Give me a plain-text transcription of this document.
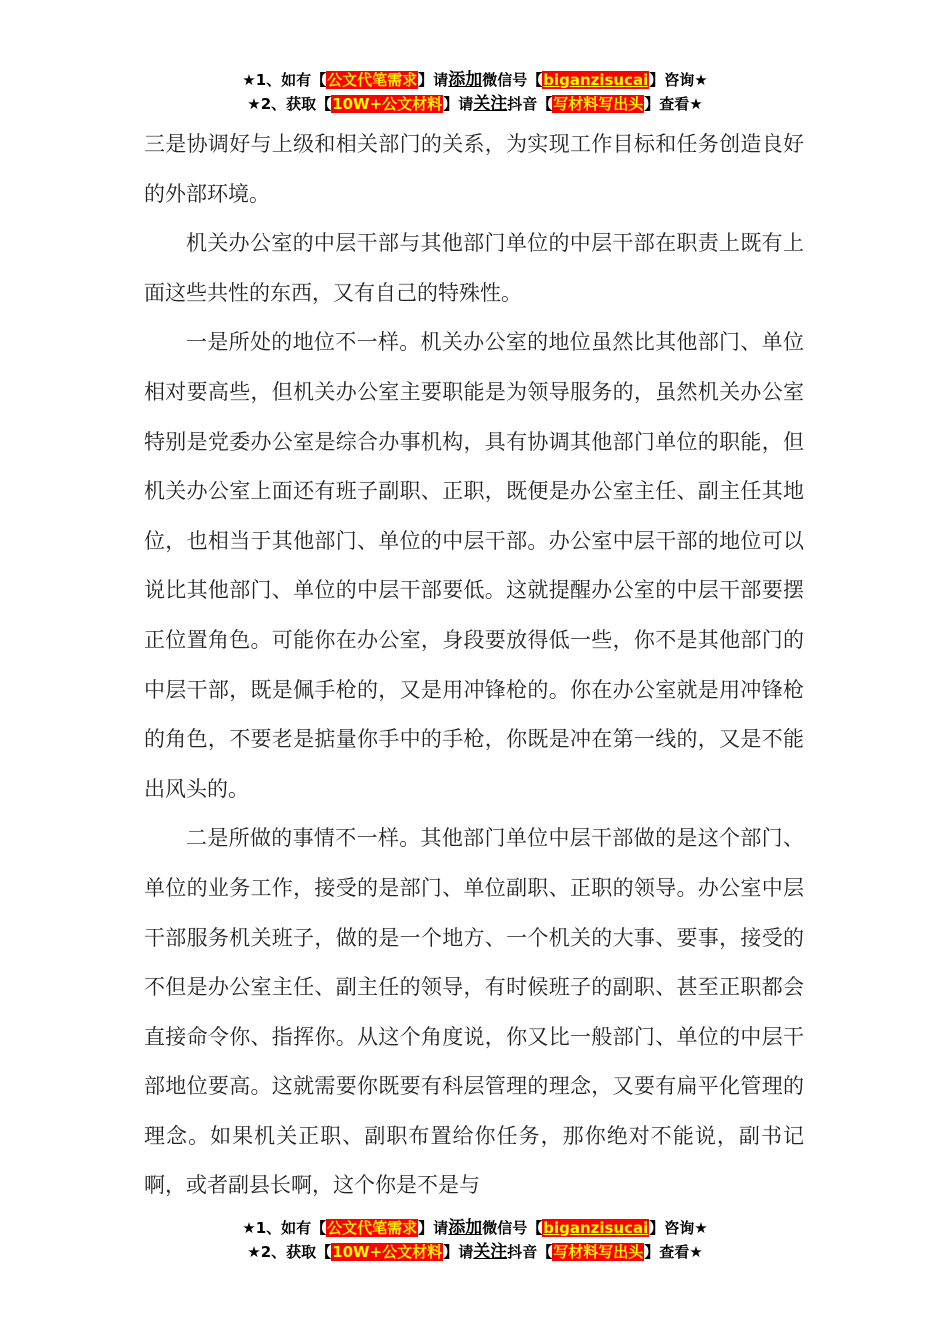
★1、如有【公文代笔需求】请添加微信号【biganzisucai】咨询★
★2、获取【10W+公文材料】请关注抖音【写材料写出头】查看★

三是协调好与上级和相关部门的关系，为实现工作目标和任务创造良好的外部环境。

机关办公室的中层干部与其他部门单位的中层干部在职责上既有上面这些共性的东西，又有自己的特殊性。

一是所处的地位不一样。机关办公室的地位虽然比其他部门、单位相对要高些，但机关办公室主要职能是为领导服务的，虽然机关办公室特别是党委办公室是综合办事机构，具有协调其他部门单位的职能，但机关办公室上面还有班子副职、正职，既便是办公室主任、副主任其地位，也相当于其他部门、单位的中层干部。办公室中层干部的地位可以说比其他部门、单位的中层干部要低。这就提醒办公室的中层干部要摆正位置角色。可能你在办公室，身段要放得低一些，你不是其他部门的中层干部，既是佩手枪的，又是用冲锋枪的。你在办公室就是用冲锋枪的角色，不要老是掂量你手中的手枪，你既是冲在第一线的，又是不能出风头的。

二是所做的事情不一样。其他部门单位中层干部做的是这个部门、单位的业务工作，接受的是部门、单位副职、正职的领导。办公室中层干部服务机关班子，做的是一个地方、一个机关的大事、要事，接受的不但是办公室主任、副主任的领导，有时候班子的副职、甚至正职都会直接命令你、指挥你。从这个角度说，你又比一般部门、单位的中层干部地位要高。这就需要你既要有科层管理的理念，又要有扁平化管理的理念。如果机关正职、副职布置给你任务，那你绝对不能说，副书记啊，或者副县长啊，这个你是不是与

★1、如有【公文代笔需求】请添加微信号【biganzisucai】咨询★
★2、获取【10W+公文材料】请关注抖音【写材料写出头】查看★
